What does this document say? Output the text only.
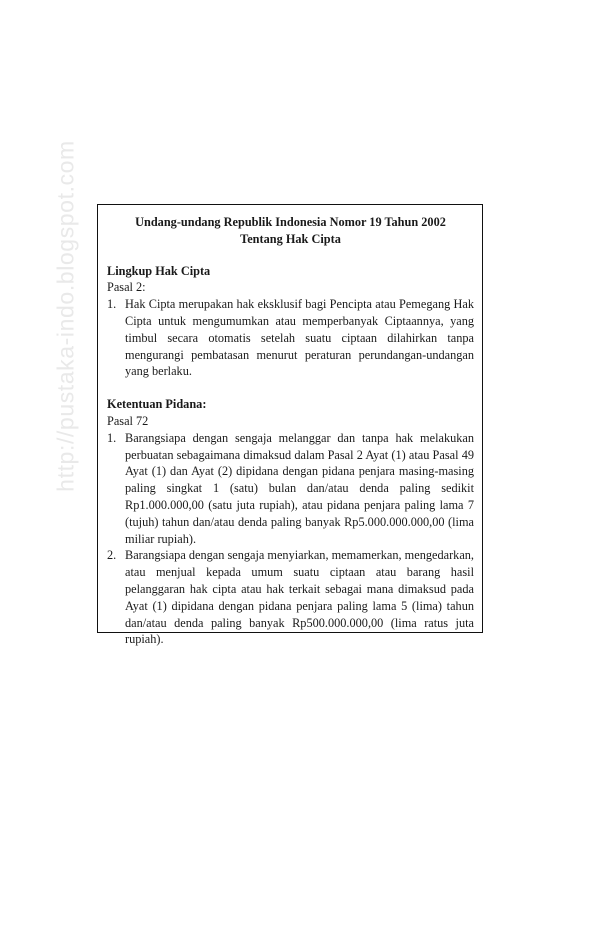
http://pustaka-indo.blogspot.com	Undang-undang Republik Indonesia Nomor 19 Tahun 2002

Tentang Hak Cipta

Lingkup Hak Cipta

Pasal 2:

1. Hak Cipta merupakan hak eksklusif bagi Pencipta atau Pemegang Hak Cipta untuk mengumumkan atau memperbanyak Ciptaannya, yang timbul secara otomatis setelah suatu ciptaan dilahirkan tanpa mengurangi pembatasan menurut peraturan perundangan-undangan yang berlaku.

Ketentuan Pidana:

Pasal 72

1. Barangsiapa dengan sengaja melanggar dan tanpa hak melakukan perbuatan sebagaimana dimaksud dalam Pasal 2 Ayat (1) atau Pasal 49 Ayat (1) dan Ayat (2) dipidana dengan pidana penjara masing-masing paling singkat 1 (satu) bulan dan/atau denda paling sedikit Rp1.000.000,00 (satu juta rupiah), atau pidana penjara paling lama 7 (tujuh) tahun dan/atau denda paling banyak Rp5.000.000.000,00 (lima miliar rupiah).
2. Barangsiapa dengan sengaja menyiarkan, memamerkan, mengedarkan, atau menjual kepada umum suatu ciptaan atau barang hasil pelanggaran hak cipta atau hak terkait sebagai mana dimaksud pada Ayat (1) dipidana dengan pidana penjara paling lama 5 (lima) tahun dan/atau denda paling banyak Rp500.000.000,00 (lima ratus juta rupiah).
